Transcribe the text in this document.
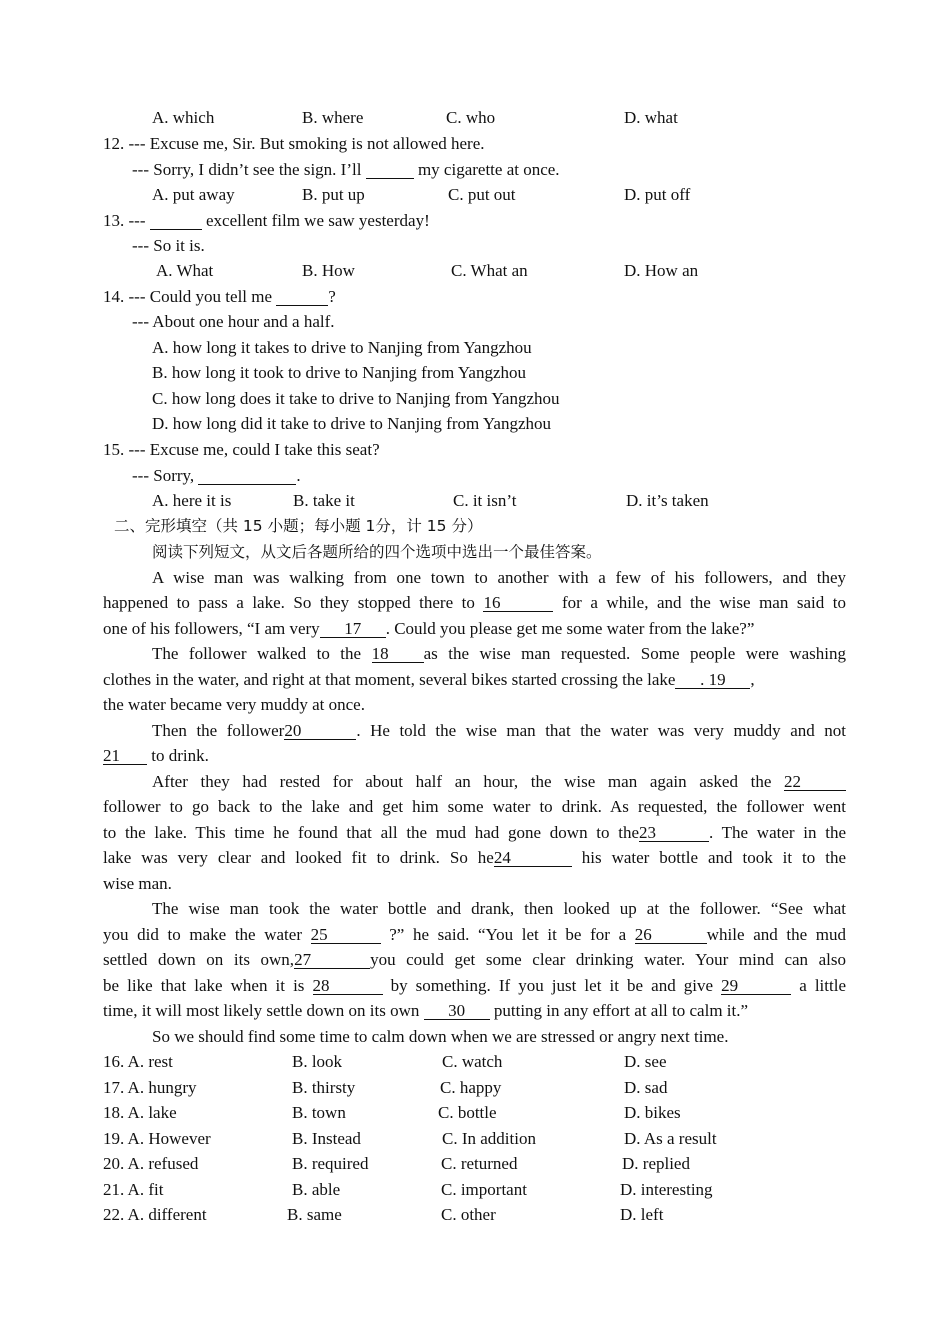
A. which	B. where	C. who	D. what
12. --- Excuse me, Sir. But smoking is not allowed here.
--- Sorry, I didn’t see the sign. I’ll	my cigarette at once.
A. put away	B. put up	C. put out	D. put off
13. ---	excellent film we saw yesterday!
--- So it is.
A. What	B. How	C. What an	D. How an
14. --- Could you tell me	?
--- About one hour and a half.
A. how long it takes to drive to Nanjing from Yangzhou
B. how long it took to drive to Nanjing from Yangzhou
C. how long does it take to drive to Nanjing from Yangzhou
D. how long did it take to drive to Nanjing from Yangzhou
15. --- Excuse me, could I take this seat?
--- Sorry,	.
A. here it is	B. take it	C. it isn’t	D. it’s taken
二、完形填空（共 15 小题；每小题 1分，计 15 分）
阅读下列短文，从文后各题所给的四个选项中选出一个最佳答案。
A wise man was walking from one town to another with a few of his followers, and they
happened to pass a lake. So they stopped there to 16	for a while, and the wise man said to
one of his followers, “I am very 17 . Could you please get me some water from the lake?”
The follower walked to the 18 as the wise man requested. Some people were washing
clothes in the water, and right at that moment, several bikes started crossing the lake . 19 ,
the water became very muddy at once.
Then the follower20	. He told the wise man that the water was very muddy and not
21 to drink.
After they had rested for about half an hour, the wise man again asked the 22
follower to go back to the lake and get him some water to drink. As requested, the follower went
to the lake. This time he found that all the mud had gone down to the23	. The water in the
lake was very clear and looked fit to drink. So he24	his water bottle and took it to the
wise man.
The wise man took the water bottle and drank, then looked up at the follower. “See what
you did to make the water 25	?” he said. “You let it be for a 26	while and the mud
settled down on its own,27	you could get some clear drinking water. Your mind can also
be like that lake when it is 28	by something. If you just let it be and give 29	a little
time, it will most likely settle down on its own 30 putting in any effort at all to calm it.”
So we should find some time to calm down when we are stressed or angry next time.
16. A. rest	B. look	C. watch	D. see
17. A. hungry	B. thirsty	C. happy	D. sad
18. A. lake	B. town	C. bottle	D. bikes
19. A. However	B. Instead	C. In addition	D. As a result
20. A. refused	B. required	C. returned	D. replied
21. A. fit	B. able	C. important	D. interesting
22. A. different	B. same	C. other	D. left
